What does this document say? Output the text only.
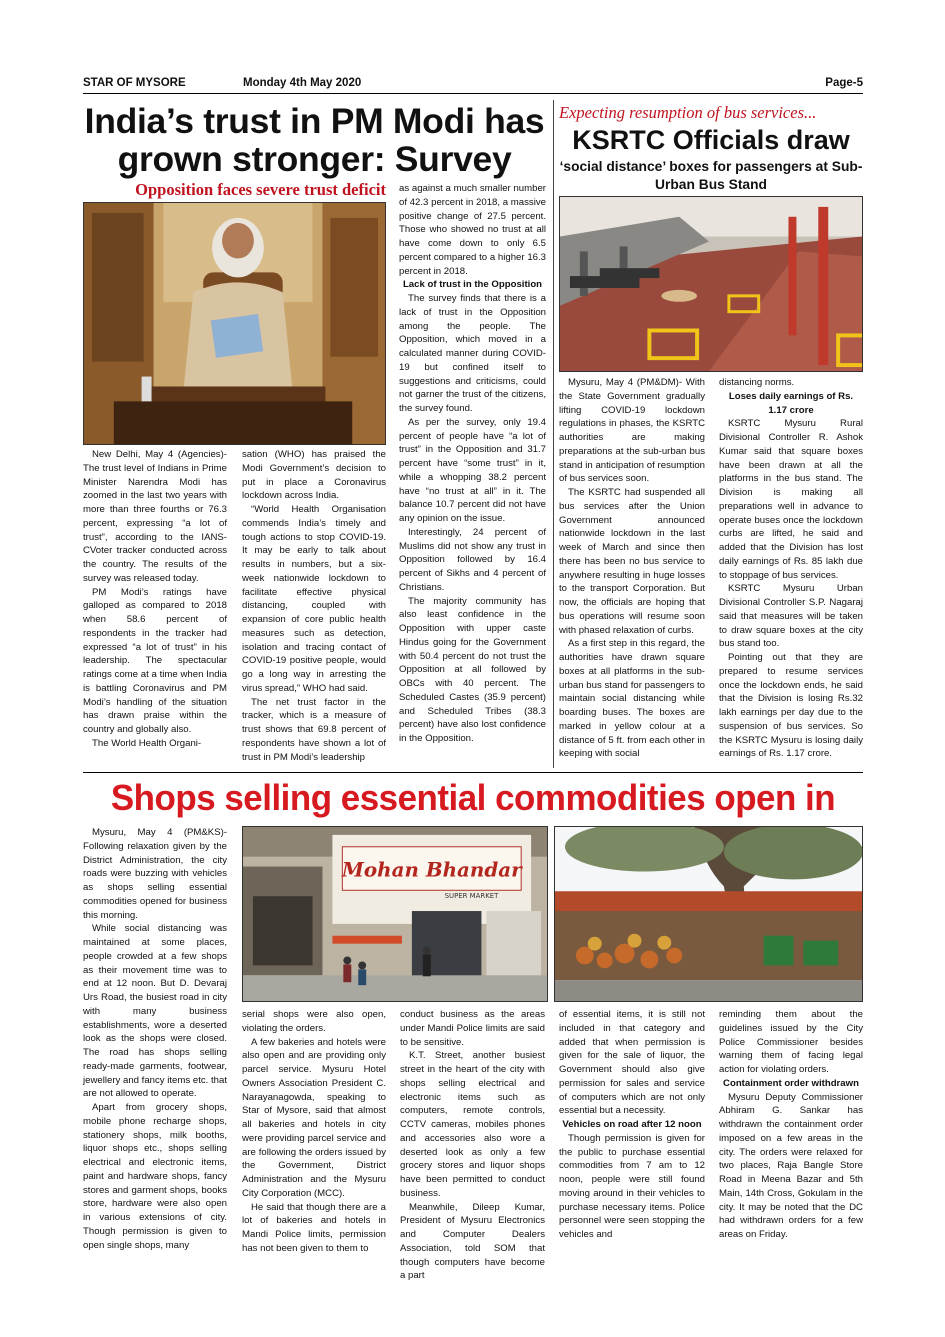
STAR OF MYSORE	Monday 4th May 2020	Page-5
India’s trust in PM Modi has grown stronger: Survey
Opposition faces severe trust deficit

New Delhi, May 4 (Agencies)- The trust level of Indians in Prime Minister Narendra Modi has zoomed in the last two years with more than three fourths or 76.3 percent, expressing “a lot of trust”, according to the IANS-CVoter tracker conducted across the country. The results of the survey was released today.

PM Modi’s ratings have galloped as compared to 2018 when 58.6 percent of respondents in the tracker had expressed “a lot of trust” in his leadership. The spectacular ratings come at a time when India is battling Coronavirus and PM Modi’s handling of the situation has drawn praise within the country and globally also.

The World Health Organi-

sation (WHO) has praised the Modi Government’s decision to put in place a Coronavirus lockdown across India.

“World Health Organisation commends India’s timely and tough actions to stop COVID-19. It may be early to talk about results in numbers, but a six-week nationwide lockdown to facilitate effective physical distancing, coupled with expansion of core public health measures such as detection, isolation and tracing contact of COVID-19 positive people, would go a long way in arresting the virus spread,” WHO had said.

The net trust factor in the tracker, which is a measure of trust shows that 69.8 percent of respondents have shown a lot of trust in PM Modi’s leadership

as against a much smaller number of 42.3 percent in 2018, a massive positive change of 27.5 percent. Those who showed no trust at all have come down to only 6.5 percent compared to a higher 16.3 percent in 2018.

Lack of trust in the Opposition

The survey finds that there is a lack of trust in the Opposition among the people. The Opposition, which moved in a calculated manner during COVID-19 but confined itself to suggestions and criticisms, could not garner the trust of the citizens, the survey found.

As per the survey, only 19.4 percent of people have “a lot of trust” in the Opposition and 31.7 percent have “some trust” in it, while a whopping 38.2 percent have “no trust at all” in it. The balance 10.7 percent did not have any opinion on the issue.

Interestingly, 24 percent of Muslims did not show any trust in Opposition followed by 16.4 percent of Sikhs and 4 percent of Christians.

The majority community has also least confidence in the Opposition with upper caste Hindus going for the Government with 50.4 percent do not trust the Opposition at all followed by OBCs with 40 percent. The Scheduled Castes (35.9 percent) and Scheduled Tribes (38.3 percent) have also lost confidence in the Opposition.

Expecting resumption of bus services...
KSRTC Officials draw
‘social distance’ boxes for passengers at Sub-Urban Bus Stand

Mysuru, May 4 (PM&DM)- With the State Government gradually lifting COVID-19 lockdown regulations in phases, the KSRTC authorities are making preparations at the sub-urban bus stand in anticipation of resumption of bus services soon.

The KSRTC had suspended all bus services after the Union Government announced nationwide lockdown in the last week of March and since then there has been no bus service to anywhere resulting in huge losses to the transport Corporation. But now, the officials are hoping that bus operations will resume soon with phased relaxation of curbs.

As a first step in this regard, the authorities have drawn square boxes at all platforms in the sub-urban bus stand for passengers to maintain social distancing while boarding buses. The boxes are marked in yellow colour at a distance of 5 ft. from each other in keeping with social

distancing norms.

Loses daily earnings of Rs. 1.17 crore

KSRTC Mysuru Rural Divisional Controller R. Ashok Kumar said that square boxes have been drawn at all the platforms in the bus stand. The Division is making all preparations well in advance to operate buses once the lockdown curbs are lifted, he said and added that the Division has lost daily earnings of Rs. 85 lakh due to stoppage of bus services.

KSRTC Mysuru Urban Divisional Controller S.P. Nagaraj said that measures will be taken to draw square boxes at the city bus stand too.

Pointing out that they are prepared to resume services once the lockdown ends, he said that the Division is losing Rs.32 lakh earnings per day due to the suspension of bus services. So the KSRTC Mysuru is losing daily earnings of Rs. 1.17 crore.

Shops selling essential commodities open in
Mohan Bhandar
SUPER MARKET

Mysuru, May 4 (PM&KS)- Following relaxation given by the District Administration, the city roads were buzzing with vehicles as shops selling essential commodities opened for business this morning.

While social distancing was maintained at some places, people crowded at a few shops as their movement time was to end at 12 noon. But D. Devaraj Urs Road, the busiest road in city with many business establishments, wore a deserted look as the shops were closed. The road has shops selling ready-made garments, footwear, jewellery and fancy items etc. that are not allowed to operate.

Apart from grocery shops, mobile phone recharge shops, stationery shops, milk booths, liquor shops etc., shops selling electrical and electronic items, paint and hardware shops, fancy stores and garment shops, books store, hardware were also open in various extensions of city. Though permission is given to open single shops, many

serial shops were also open, violating the orders.

A few bakeries and hotels were also open and are providing only parcel service. Mysuru Hotel Owners Association President C. Narayanagowda, speaking to Star of Mysore, said that almost all bakeries and hotels in city were providing parcel service and are following the orders issued by the Government, District Administration and the Mysuru City Corporation (MCC).

He said that though there are a lot of bakeries and hotels in Mandi Police limits, permission has not been given to them to

conduct business as the areas under Mandi Police limits are said to be sensitive.

K.T. Street, another busiest street in the heart of the city with shops selling electrical and electronic items such as computers, remote controls, CCTV cameras, mobiles phones and accessories also wore a deserted look as only a few grocery stores and liquor shops have been permitted to conduct business.

Meanwhile, Dileep Kumar, President of Mysuru Electronics and Computer Dealers Association, told SOM that though computers have become a part

of essential items, it is still not included in that category and added that when permission is given for the sale of liquor, the Government should also give permission for sales and service of computers which are not only essential but a necessity.

Vehicles on road after 12 noon

Though permission is given for the public to purchase essential commodities from 7 am to 12 noon, people were still found moving around in their vehicles to purchase necessary items. Police personnel were seen stopping the vehicles and

reminding them about the guidelines issued by the City Police Commissioner besides warning them of facing legal action for violating orders.

Containment order withdrawn

Mysuru Deputy Commissioner Abhiram G. Sankar has withdrawn the containment order imposed on a few areas in the city. The orders were relaxed for two places, Raja Bangle Store Road in Meena Bazar and 5th Main, 14th Cross, Gokulam in the city. It may be noted that the DC had withdrawn orders for a few areas on Friday.
